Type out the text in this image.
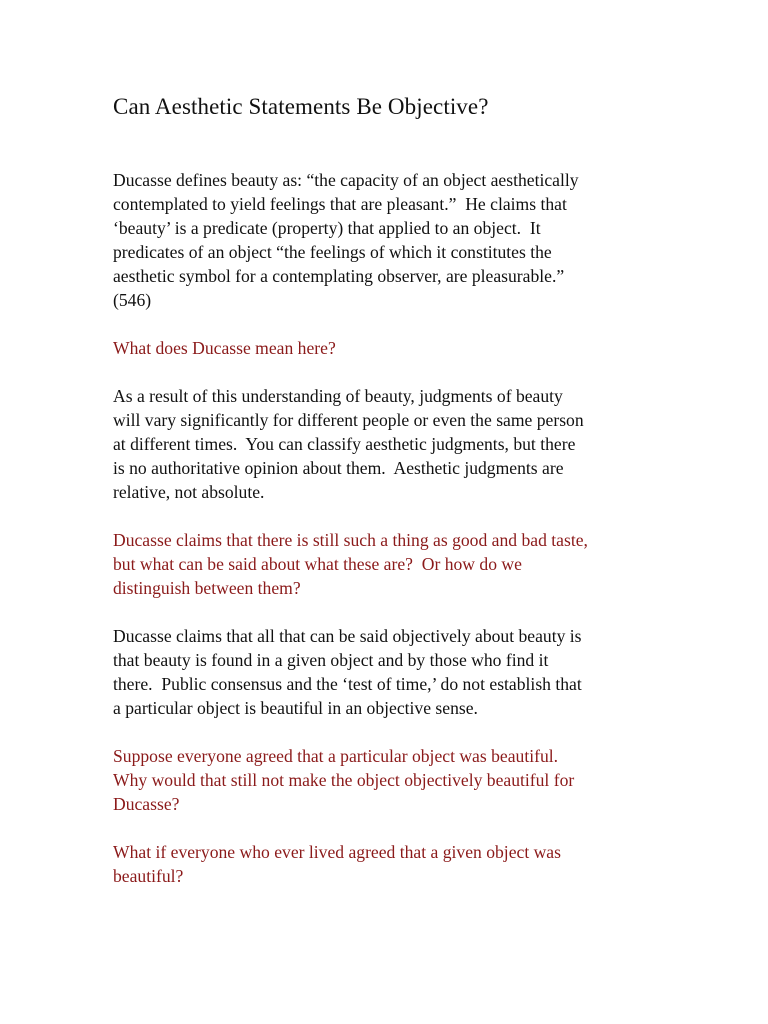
Can Aesthetic Statements Be Objective?
Ducasse defines beauty as: “the capacity of an object aesthetically
contemplated to yield feelings that are pleasant.”  He claims that
‘beauty’ is a predicate (property) that applied to an object.  It
predicates of an object “the feelings of which it constitutes the
aesthetic symbol for a contemplating observer, are pleasurable.”
(546)
What does Ducasse mean here?
As a result of this understanding of beauty, judgments of beauty
will vary significantly for different people or even the same person
at different times.  You can classify aesthetic judgments, but there
is no authoritative opinion about them.  Aesthetic judgments are
relative, not absolute.
Ducasse claims that there is still such a thing as good and bad taste,
but what can be said about what these are?  Or how do we
distinguish between them?
Ducasse claims that all that can be said objectively about beauty is
that beauty is found in a given object and by those who find it
there.  Public consensus and the ‘test of time,’ do not establish that
a particular object is beautiful in an objective sense.
Suppose everyone agreed that a particular object was beautiful.
Why would that still not make the object objectively beautiful for
Ducasse?
What if everyone who ever lived agreed that a given object was
beautiful?
